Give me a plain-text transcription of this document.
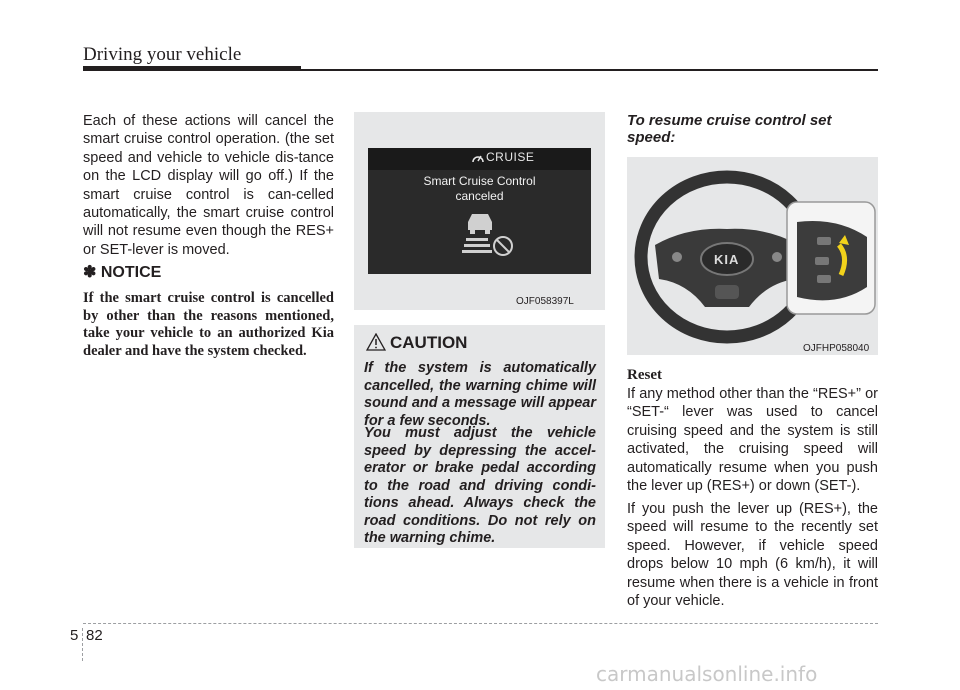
Driving your vehicle
Each of these actions will cancel the smart cruise control operation. (the set speed and vehicle to vehicle dis-tance on the LCD display will go off.) If the smart cruise control is can-celled automatically, the smart cruise control will not resume even though the RES+ or SET-lever is moved.
✽ NOTICE
If the smart cruise control is cancelled by other than the reasons mentioned, take your vehicle to an authorized Kia dealer and have the system checked.
CRUISE
Smart Cruise Control
canceled
OJF058397L
CAUTION
If the system is automatically cancelled, the warning chime will sound and a message will appear for a few seconds.
You must adjust the vehicle speed by depressing the accel-erator or brake pedal according to the road and driving condi-tions ahead. Always check the road conditions. Do not rely on the warning chime.
To resume cruise control set speed:
KIA
OJFHP058040
Reset
If any method other than the “RES+” or “SET-“ lever was used to cancel cruising speed and the system is still activated, the cruising speed will automatically resume when you push the lever up (RES+) or down (SET-).
If you push the lever up (RES+), the speed will resume to the recently set speed. However, if vehicle speed drops below 10 mph (6 km/h), it will resume when there is a vehicle in front of your vehicle.
5 82
carmanualsonline.info
